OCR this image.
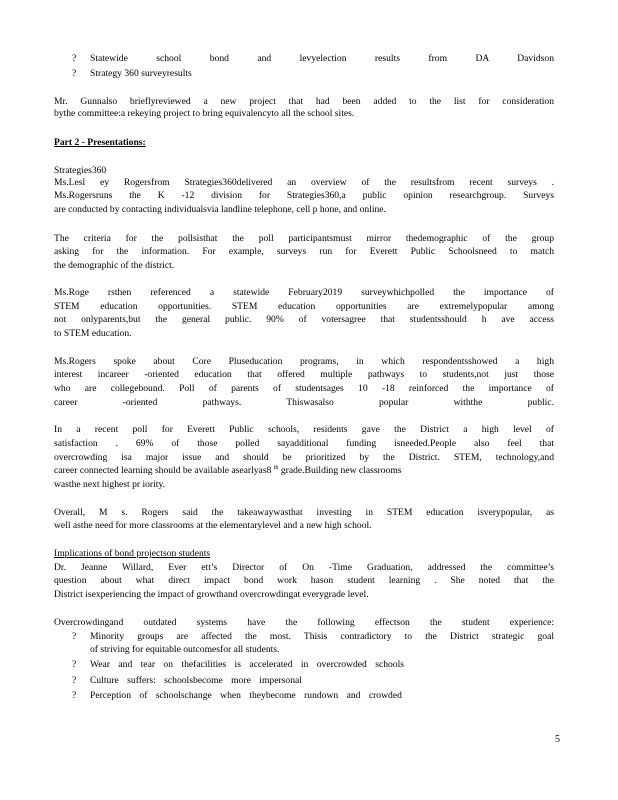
?	Statewide school bond and levyelection results from DA Davidson
?	Strategy 360 surveyresults
Mr. Gunnalso brieflyreviewed a new project that had been added to the list for consideration
bythe committee:a rekeying project to bring equivalencyto all the school sites.
Part 2 - Presentations:
Strategies360
Ms.Lesl ey Rogersfrom Strategies360delivered an overview of the resultsfrom recent surveys .
Ms.Rogersruns the K -12 division for Strategies360,a public opinion researchgroup. Surveys
are conducted by contacting individualsvia landline telephone, cell p hone, and online.
The criteria for the pollsisthat the poll participantsmust mirror thedemographic of the group
asking for the information. For example, surveys run for Everett Public Schoolsneed to match
the demographic of the district.
Ms.Roge rsthen referenced a statewide February2019 surveywhichpolled the importance of
STEM education opportunities. STEM education opportunities are extremelypopular among
not onlyparents,but the general public. 90% of votersagree that studentsshould h ave access
to STEM education.
Ms.Rogers spoke about Core Pluseducation programs, in which respondentsshowed a high
interest incareer -oriented education that offered multiple pathways to students,not just those
who are collegebound. Poll of parents of studentsages 10 -18 reinforced the importance of
career -oriented pathways. Thiswasalso popular withthe public.
In a recent poll for Everett Public schools, residents gave the District a high level of
satisfaction . 69% of those polled sayadditional funding isneeded.People also feel that
overcrowding isa major issue and should be prioritized by the District. STEM, technology,and
career connected learning should be available asearlyas8 $^{th}$ grade.Building new classrooms
wasthe next highest pr iority.
Overall, M s. Rogers said the takeawaywasthat investing in STEM education isverypopular, as
well asthe need for more classrooms at the elementarylevel and a new high school.
Implications of bond projectson students
Dr. Jeanne Willard, Ever ett’s Director of On -Time Graduation, addressed the committee’s
question about what direct impact bond work hason student learning . She noted that the
District isexperiencing the impact of growthand overcrowdingat everygrade level.
Overcrowdingand outdated systems have the following effectson the student experience:
?	Minority groups are affected the most. Thisis contradictory to the District strategic goal
of striving for equitable outcomesfor all students.
?	Wear and tear on thefacilities is accelerated in overcrowded schools
?	Culture suffers: schoolsbecome more impersonal
?	Perception of schoolschange when theybecome rundown and crowded
5
